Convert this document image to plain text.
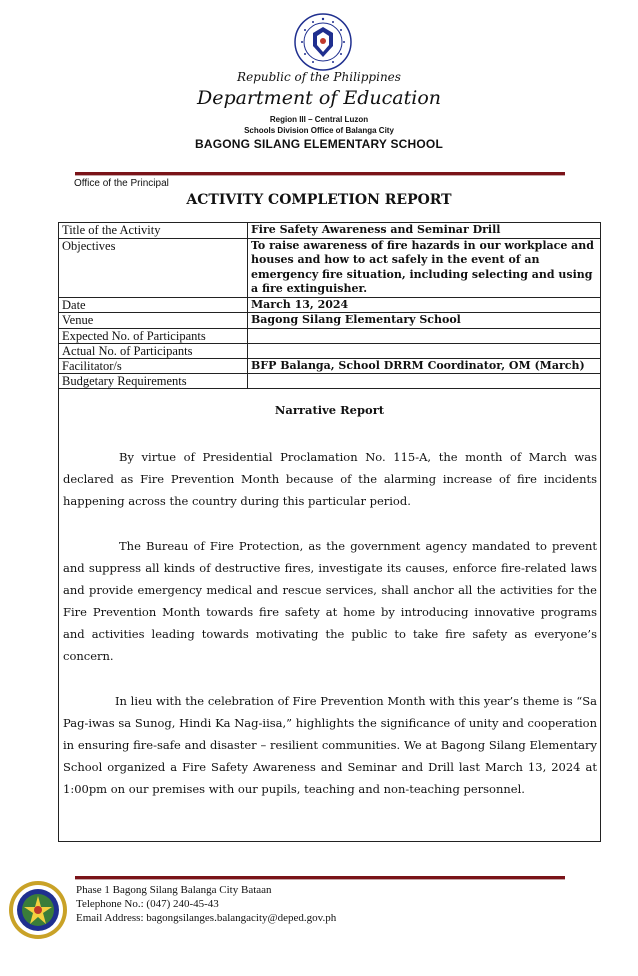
Republic of the Philippines
Department of Education
Region III – Central Luzon
Schools Division Office of Balanga City
BAGONG SILANG ELEMENTARY SCHOOL
Office of the Principal
ACTIVITY COMPLETION REPORT
Title of the Activity	Fire Safety Awareness and Seminar Drill
Objectives	To raise awareness of fire hazards in our workplace and houses and how to act safely in the event of an emergency fire situation, including selecting and using a fire extinguisher.
Date	March 13, 2024
Venue	Bagong Silang Elementary School
Expected No. of Participants	
Actual No. of Participants	
Facilitator/s	BFP Balanga, School DRRM Coordinator, OM (March)
Budgetary Requirements	
Narrative Report
By virtue of Presidential Proclamation No. 115-A, the month of March was declared as Fire Prevention Month because of the alarming increase of fire incidents happening across the country during this particular period.
The Bureau of Fire Protection, as the government agency mandated to prevent and suppress all kinds of destructive fires, investigate its causes, enforce fire-related laws and provide emergency medical and rescue services, shall anchor all the activities for the Fire Prevention Month towards fire safety at home by introducing innovative programs and activities leading towards motivating the public to take fire safety as everyone’s concern.
In lieu with the celebration of Fire Prevention Month with this year’s theme is “Sa Pag-iwas sa Sunog, Hindi Ka Nag-iisa,” highlights the significance of unity and cooperation in ensuring fire-safe and disaster – resilient communities. We at Bagong Silang Elementary School organized a Fire Safety Awareness and Seminar and Drill last March 13, 2024 at 1:00pm on our premises with our pupils, teaching and non-teaching personnel.
Phase 1 Bagong Silang Balanga City Bataan
Telephone No.: (047) 240-45-43
Email Address: bagongsilanges.balangacity@deped.gov.ph
